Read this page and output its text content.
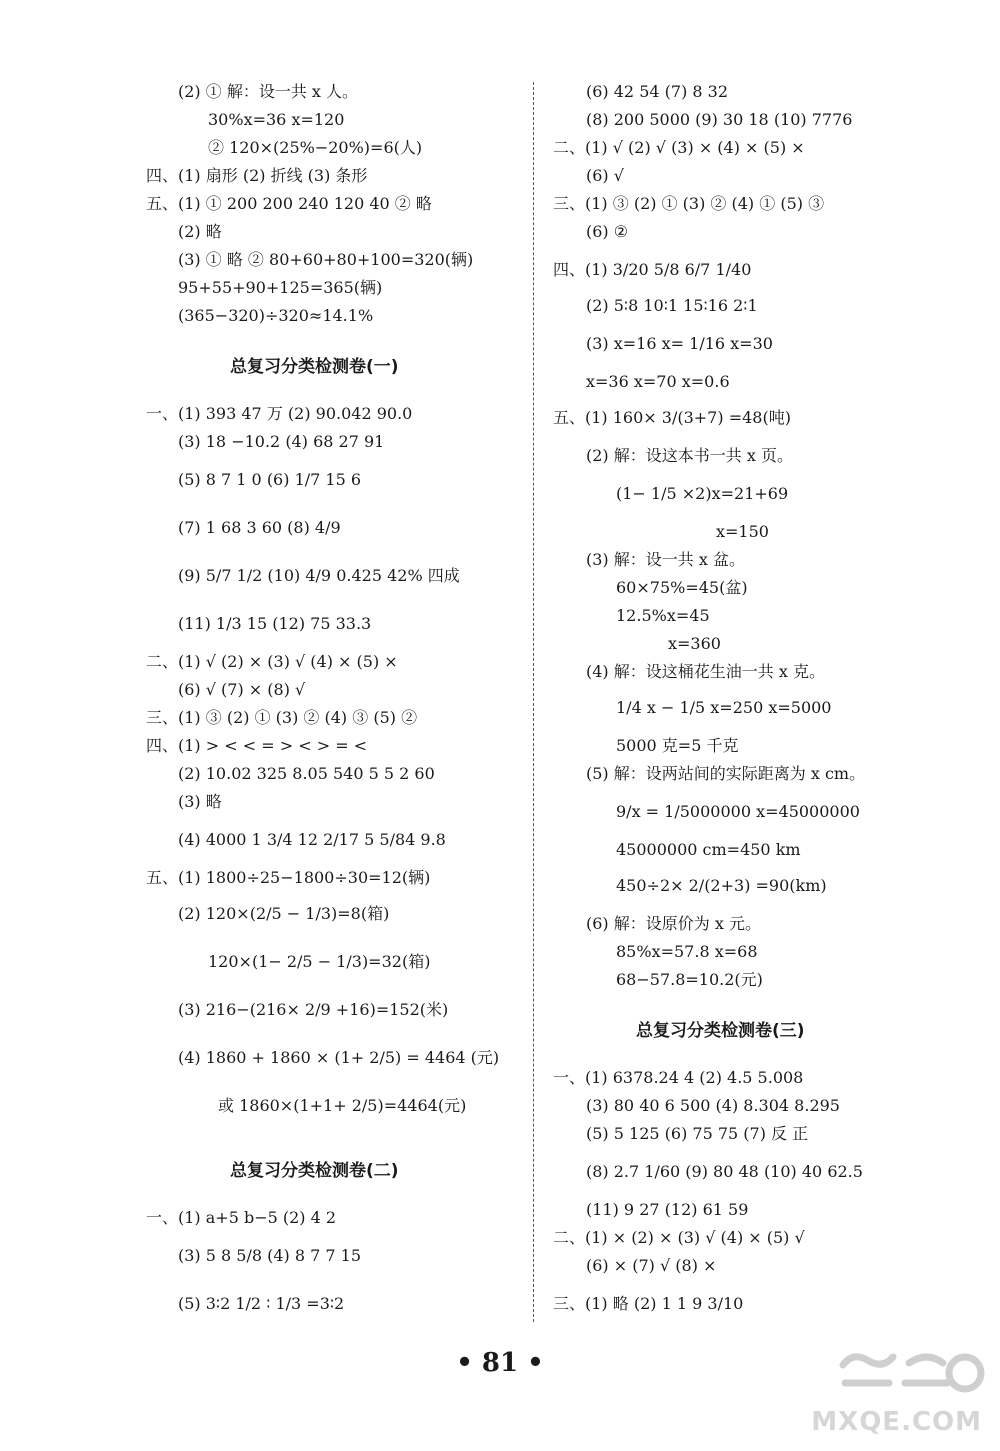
(2) ① 解：设一共 x 人。
30%x=36 x=120
② 120×(25%−20%)=6(人)
四、(1) 扇形 (2) 折线 (3) 条形
五、(1) ① 200 200 240 120 40 ② 略
(2) 略
(3) ① 略 ② 80+60+80+100=320(辆)
95+55+90+125=365(辆)
(365−320)÷320≈14.1%
总复习分类检测卷(一)
一、(1) 393 47 万 (2) 90.042 90.0
(3) 18 −10.2 (4) 68 27 91
(5) 8 7 1 0 (6) 1/7 15 6
(7) 1 68 3 60 (8) 4/9
(9) 5/7 1/2 (10) 4/9 0.425 42% 四成
(11) 1/3 15 (12) 75 33.3
二、(1) √ (2) × (3) √ (4) × (5) ×
(6) √ (7) × (8) √
三、(1) ③ (2) ① (3) ② (4) ③ (5) ②
四、(1) > < < = > < > = <
(2) 10.02 325 8.05 540 5 5 2 60
(3) 略
(4) 4000 1 3/4 12 2/17 5 5/84 9.8
五、(1) 1800÷25−1800÷30=12(辆)
(2) 120×(2/5 − 1/3)=8(箱)
120×(1− 2/5 − 1/3)=32(箱)
(3) 216−(216× 2/9 +16)=152(米)
(4) 1860 + 1860 × (1+ 2/5) = 4464 (元)
或 1860×(1+1+ 2/5)=4464(元)
总复习分类检测卷(二)
一、(1) a+5 b−5 (2) 4 2
(3) 5 8 5/8 (4) 8 7 7 15
(5) 3∶2 1/2 ∶ 1/3 =3∶2
(6) 42 54 (7) 8 32
(8) 200 5000 (9) 30 18 (10) 7776
二、(1) √ (2) √ (3) × (4) × (5) ×
(6) √
三、(1) ③ (2) ① (3) ② (4) ① (5) ③
(6) ②
四、(1) 3/20 5/8 6/7 1/40
(2) 5∶8 10∶1 15∶16 2∶1
(3) x=16 x= 1/16 x=30
x=36 x=70 x=0.6
五、(1) 160× 3/(3+7) =48(吨)
(2) 解：设这本书一共 x 页。
(1− 1/5 ×2)x=21+69
x=150
(3) 解：设一共 x 盆。
60×75%=45(盆)
12.5%x=45
x=360
(4) 解：设这桶花生油一共 x 克。
1/4 x − 1/5 x=250 x=5000
5000 克=5 千克
(5) 解：设两站间的实际距离为 x cm。
9/x = 1/5000000 x=45000000
45000000 cm=450 km
450÷2× 2/(2+3) =90(km)
(6) 解：设原价为 x 元。
85%x=57.8 x=68
68−57.8=10.2(元)
总复习分类检测卷(三)
一、(1) 6378.24 4 (2) 4.5 5.008
(3) 80 40 6 500 (4) 8.304 8.295
(5) 5 125 (6) 75 75 (7) 反 正
(8) 2.7 1/60 (9) 80 48 (10) 40 62.5
(11) 9 27 (12) 61 59
二、(1) × (2) × (3) √ (4) × (5) √
(6) × (7) √ (8) ×
三、(1) 略 (2) 1 1 9 3/10
• 81 •
MXQE.COM
